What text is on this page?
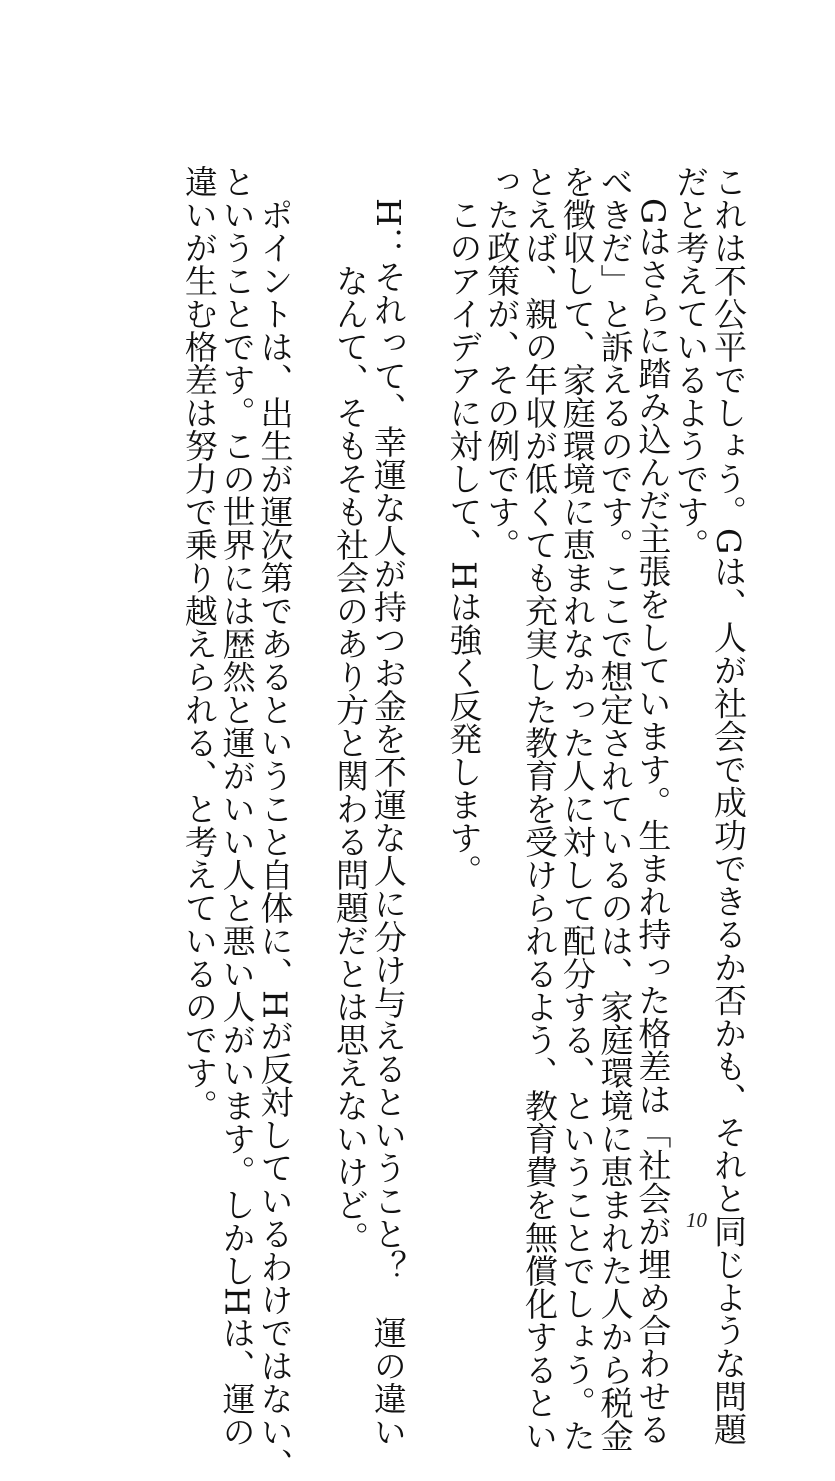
これは不公平でしょう。Gは、人が社会で成功できるか否かも、それと同じような問題
だと考えているようです。
Gはさらに踏み込んだ主張をしています。生まれ持った格差は「社会が埋め合わせる
べきだ」と訴えるのです。ここで想定されているのは、家庭環境に恵まれた人から税金
を徴収して、家庭環境に恵まれなかった人に対して配分する、ということでしょう。た
とえば、親の年収が低くても充実した教育を受けられるよう、教育費を無償化するとい
った政策が、その例です。
このアイデアに対して、Hは強く反発します。
H：それって、幸運な人が持つお金を不運な人に分け与えるということ？　運の違い
なんて、そもそも社会のあり方と関わる問題だとは思えないけど。
ポイントは、出生が運次第であるということ自体に、Hが反対しているわけではない、
ということです。この世界には歴然と運がいい人と悪い人がいます。しかしHは、運の
違いが生む格差は努力で乗り越えられる、と考えているのです。
10
